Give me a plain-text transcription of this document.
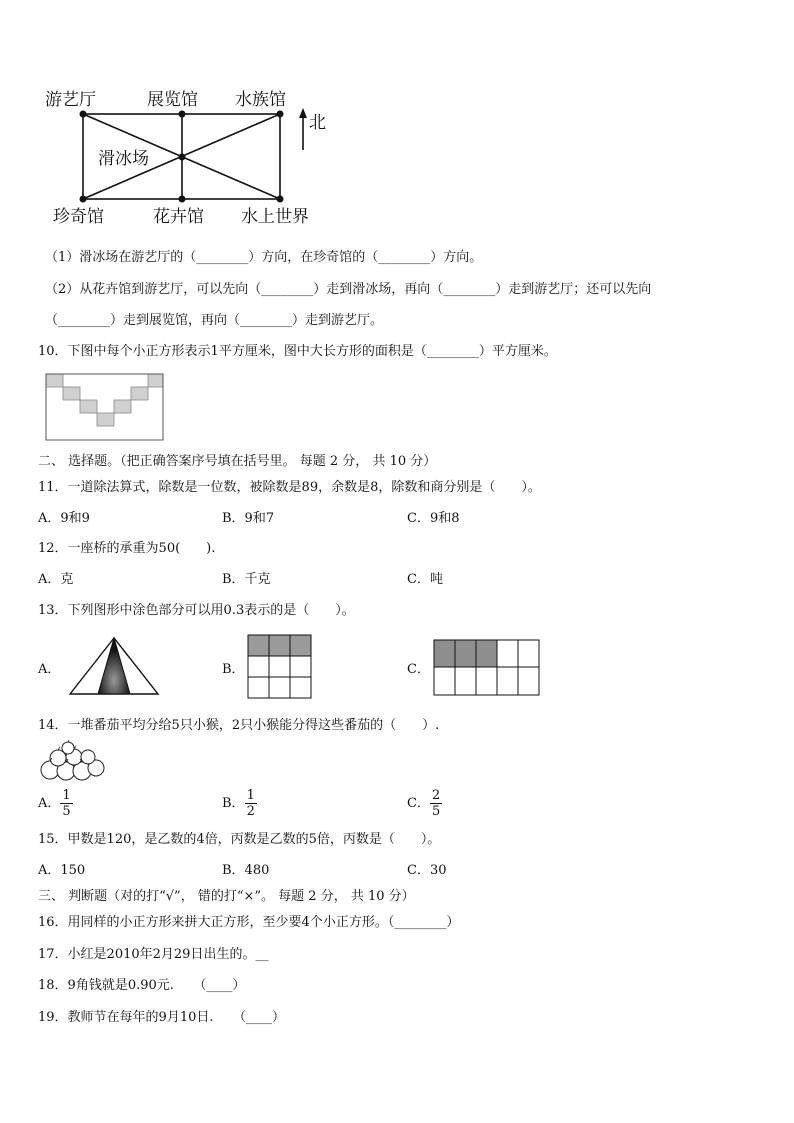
游艺厅	展览馆 水族馆
滑冰场
珍奇馆	花卉馆 水上世界
北
（1）滑冰场在游艺厅的（________）方向，在珍奇馆的（________）方向。
（2）从花卉馆到游艺厅，可以先向（________）走到滑冰场，再向（________）走到游艺厅；还可以先向
（________）走到展览馆，再向（________）走到游艺厅。
10．下图中每个小正方形表示1平方厘米，图中大长方形的面积是（________）平方厘米。
二、 选择题。（把正确答案序号填在括号里。 每题 2 分， 共 10 分）
11．一道除法算式，除数是一位数，被除数是89，余数是8，除数和商分别是（　　）。
A．9和9	B．9和7	C．9和8
12．一座桥的承重为50(　　).
A．克	B．千克	C．吨
13．下列图形中涂色部分可以用0.3表示的是（　　）。
A．	B．	C．
14．一堆番茄平均分给5只小猴，2只小猴能分得这些番茄的（　　）.
A． $\frac{1}{5}$	B． $\frac{1}{2}$	C． $\frac{2}{5}$
15．甲数是120，是乙数的4倍，丙数是乙数的5倍，丙数是（　　）。
A．150	B．480	C．30
三、 判断题（对的打“√”， 错的打“×”。 每题 2 分， 共 10 分）
16．用同样的小正方形来拼大正方形，至少要4个小正方形。（________）
17．小红是2010年2月29日出生的。__
18．9角钱就是0.90元.　　（____）
19．教师节在每年的9月10日.　　（____）
